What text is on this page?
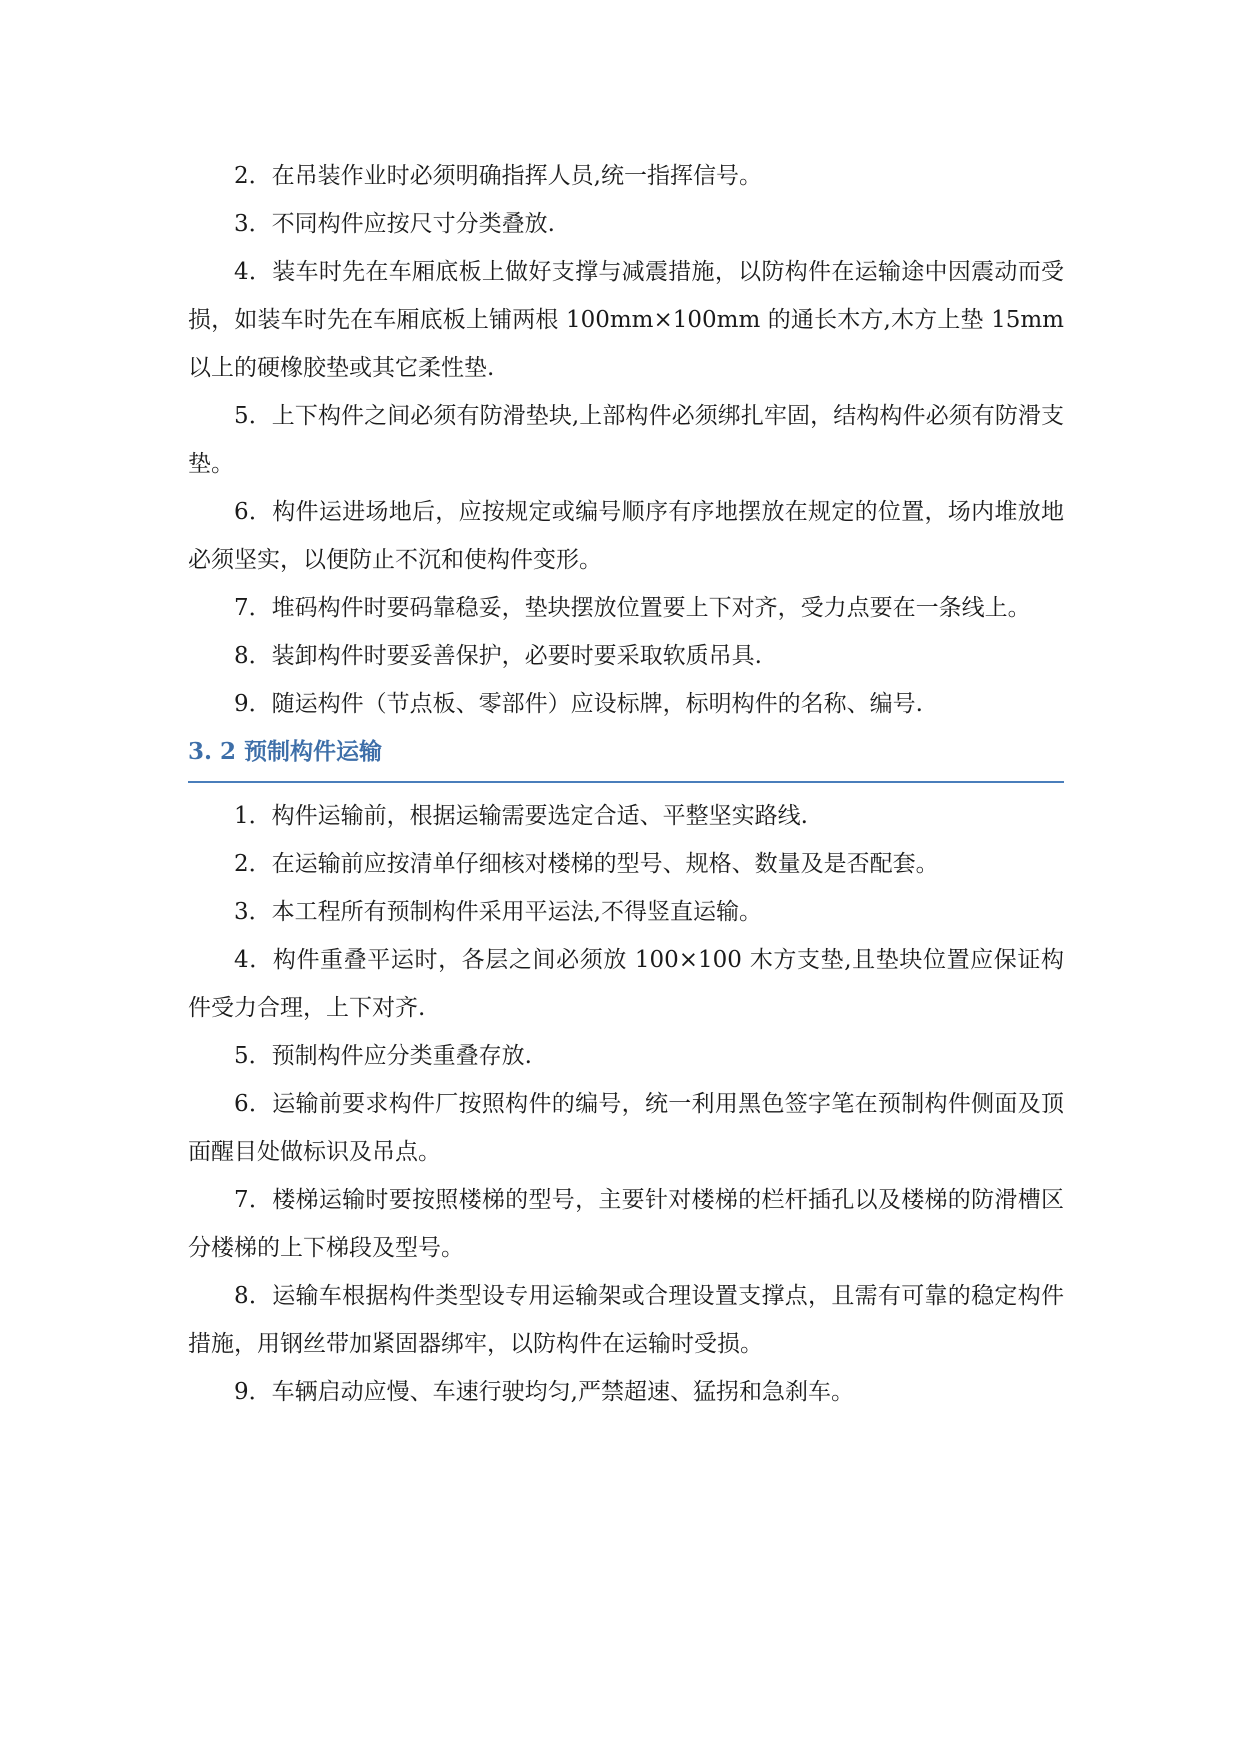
2．在吊装作业时必须明确指挥人员,统一指挥信号。

3．不同构件应按尺寸分类叠放.

4．装车时先在车厢底板上做好支撑与减震措施，以防构件在运输途中因震动而受损，如装车时先在车厢底板上铺两根 100mm×100mm 的通长木方,木方上垫 15mm 以上的硬橡胶垫或其它柔性垫.

5．上下构件之间必须有防滑垫块,上部构件必须绑扎牢固，结构构件必须有防滑支垫。

6．构件运进场地后，应按规定或编号顺序有序地摆放在规定的位置，场内堆放地必须坚实，以便防止不沉和使构件变形。

7．堆码构件时要码靠稳妥，垫块摆放位置要上下对齐，受力点要在一条线上。

8．装卸构件时要妥善保护，必要时要采取软质吊具.

9．随运构件（节点板、零部件）应设标牌，标明构件的名称、编号.

3. 2 预制构件运输

1．构件运输前，根据运输需要选定合适、平整坚实路线.

2．在运输前应按清单仔细核对楼梯的型号、规格、数量及是否配套。

3．本工程所有预制构件采用平运法,不得竖直运输。

4．构件重叠平运时，各层之间必须放 100×100 木方支垫,且垫块位置应保证构件受力合理，上下对齐.

5．预制构件应分类重叠存放.

6．运输前要求构件厂按照构件的编号，统一利用黑色签字笔在预制构件侧面及顶面醒目处做标识及吊点。

7．楼梯运输时要按照楼梯的型号，主要针对楼梯的栏杆插孔以及楼梯的防滑槽区分楼梯的上下梯段及型号。

8．运输车根据构件类型设专用运输架或合理设置支撑点，且需有可靠的稳定构件措施，用钢丝带加紧固器绑牢，以防构件在运输时受损。

9．车辆启动应慢、车速行驶均匀,严禁超速、猛拐和急刹车。
